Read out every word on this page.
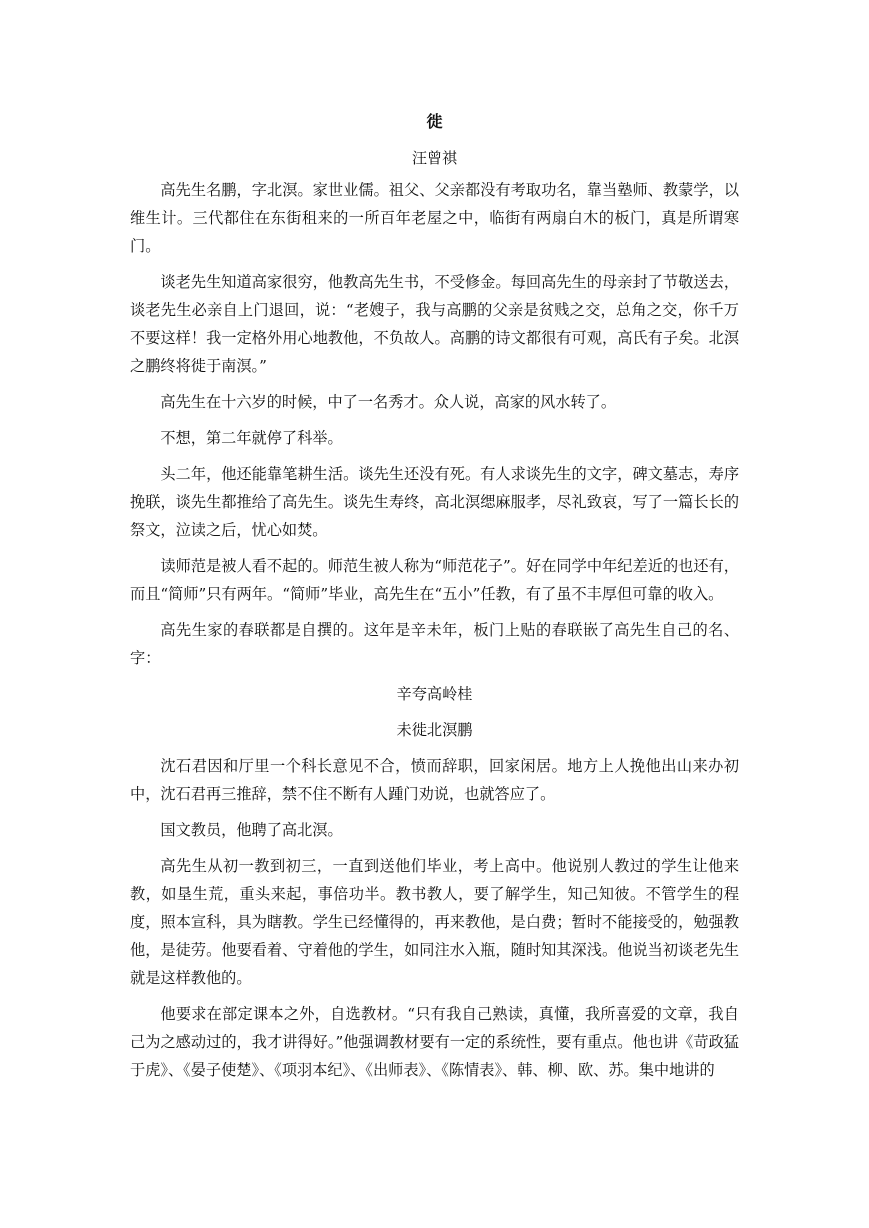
徙

汪曾祺

高先生名鹏，字北溟。家世业儒。祖父、父亲都没有考取功名，靠当塾师、教蒙学，以维生计。三代都住在东街租来的一所百年老屋之中，临街有两扇白木的板门，真是所谓寒门。

谈老先生知道高家很穷，他教高先生书，不受修金。每回高先生的母亲封了节敬送去，谈老先生必亲自上门退回，说：“老嫂子，我与高鹏的父亲是贫贱之交，总角之交，你千万不要这样！我一定格外用心地教他，不负故人。高鹏的诗文都很有可观，高氏有子矣。北溟之鹏终将徙于南溟。”

高先生在十六岁的时候，中了一名秀才。众人说，高家的风水转了。

不想，第二年就停了科举。

头二年，他还能靠笔耕生活。谈先生还没有死。有人求谈先生的文字，碑文墓志，寿序挽联，谈先生都推给了高先生。谈先生寿终，高北溟缌麻服孝，尽礼致哀，写了一篇长长的祭文，泣读之后，忧心如焚。

读师范是被人看不起的。师范生被人称为“师范花子”。好在同学中年纪差近的也还有，而且“简师”只有两年。“简师”毕业，高先生在“五小”任教，有了虽不丰厚但可靠的收入。

高先生家的春联都是自撰的。这年是辛未年，板门上贴的春联嵌了高先生自己的名、字：

辛夸高岭桂

未徙北溟鹏

沈石君因和厅里一个科长意见不合，愤而辞职，回家闲居。地方上人挽他出山来办初中，沈石君再三推辞，禁不住不断有人踵门劝说，也就答应了。

国文教员，他聘了高北溟。

高先生从初一教到初三，一直到送他们毕业，考上高中。他说别人教过的学生让他来教，如垦生荒，重头来起，事倍功半。教书教人，要了解学生，知己知彼。不管学生的程度，照本宣科，具为瞎教。学生已经懂得的，再来教他，是白费；暂时不能接受的，勉强教他，是徒劳。他要看着、守着他的学生，如同注水入瓶，随时知其深浅。他说当初谈老先生就是这样教他的。

他要求在部定课本之外，自选教材。“只有我自己熟读，真懂，我所喜爱的文章，我自己为之感动过的，我才讲得好。”他强调教材要有一定的系统性，要有重点。他也讲《苛政猛于虎》、《晏子使楚》、《项羽本纪》、《出师表》、《陈情表》、韩、柳、欧、苏。集中地讲的
